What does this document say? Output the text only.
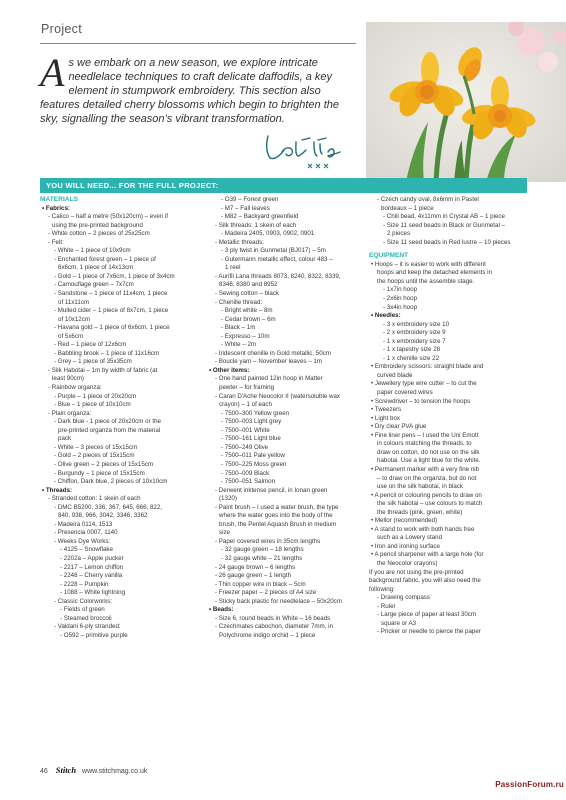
Project
As we embark on a new season, we explore intricate needlelace techniques to craft delicate daffodils, a key element in stumpwork embroidery. This section also features detailed cherry blossoms which begin to brighten the sky, signalling the season’s vibrant transformation.
Laetitia xxx
YOU WILL NEED... FOR THE FULL PROJECT:
MATERIALS
• Fabrics:
- Calico – half a metre (50x120cm) – even if
using the pre-printed background
- White cotton – 2 pieces of 25x25cm
- Felt:
- White – 1 piece of 10x9cm
- Enchanted forest green – 1 piece of
6x6cm, 1 piece of 14x13cm
- Gold – 1 piece of 7x6cm, 1 piece of 3x4cm
- Camouflage green – 7x7cm
- Sandstone – 1 piece of 11x4cm, 1 piece
of 11x11cm
- Mulled cider – 1 piece of 8x7cm, 1 piece
of 10x12cm
- Havana gold – 1 piece of 6x6cm, 1 piece
of 5x6cm
- Red – 1 piece of 12x6cm
- Babbling brook – 1 piece of 11x16cm
- Grey – 1 piece of 35x35cm
- Silk Habotai – 1m by width of fabric (at
least 90cm)
- Rainbow organza:
- Purple – 1 piece of 20x20cm
- Blue – 1 piece of 10x10cm
- Plain organza:
- Dark blue - 1 piece of 20x20cm or the
pre-printed organza from the material
pack
- White – 3 pieces of 15x15cm
- Gold – 2 pieces of 15x15cm
- Olive green – 2 pieces of 15x15cm
- Burgundy – 1 piece of 15x15cm
- Chiffon, Dark blue, 2 pieces of 10x10cm
• Threads:
- Stranded cotton: 1 skein of each
- DMC B5200, 336, 367, 645, 666, 822,
840, 938, 966, 3042, 3346, 3362
- Madeira 0114, 1513
- Presencia 0007, 1140
- Weeks Dye Works:
- 4125 – Snowflake
- 2202a – Apple pucker
- 2217 – Lemon chiffon
- 2248 – Cherry vanilla
- 2228 – Pumpkin
- 1088 – White lightning
- Classic Colorworks:
- Fields of green
- Steamed broccoli
- Valdani 6-ply stranded:
- O592 – primitive purple
- O39 – Forest green
- M7 – Fall leaves
- M82 – Backyard greenfield
- Silk threads: 1 skein of each
- Madeira 2405, 0903, 0902, 0901
- Metallic threads:
- 3 ply twist in Gunmetal (BJ017) – 5m
- Gutermann metallic effect, colour 483 –
1 reel
- Aurifil Lana threads 8073, 8240, 8322, 8339,
8346, 8380 and 8952
- Sewing cotton – black
- Chenille thread:
- Bright white – 8m
- Cedar brown – 6m
- Black – 1m
- Expresso – 10m
- White – 2m
- Iridescent chenille in Gold metallic, 50cm
- Boucle yarn – November leaves – 1m
• Other items:
- One hand painted 12in hoop in Matter
pewter – for framing
- Caran D'Ache Neocolor II (watersoluble wax
crayon) – 1 of each
- 7500–300 Yellow green
- 7500–003 Light grey
- 7500–001 White
- 7500–161 Light blue
- 7500–249 Olive
- 7500–011 Pale yellow
- 7500–225 Moss green
- 7500–009 Black
- 7500–051 Salmon
- Derwent inktense pencil, in Ionan green
(1320)
- Paint brush – I used a water brush, the type
where the water goes into the body of the
brush, the Pentel Aquash Brush in medium
size
- Paper covered wires in 35cm lengths
- 32 gauge green – 18 lengths
- 32 gauge white – 21 lengths
- 24 gauge brown – 6 lengths
- 26 gauge green – 1 length
- Thin copper wire in black – 5cm
- Freezer paper – 2 pieces of A4 size
- Sticky back plastic for needlelace – 50x20cm
• Beads:
- Size 6, round beads in White – 16 beads
- Czechmates cabochon, diameter 7mm, in
Polychrome indigo orchid – 1 piece
- Czech candy oval, 8x6mm in Pastel
bordeaux – 1 piece
- Chili bead, 4x11mm in Crystal AB – 1 piece
- Size 11 seed beads in Black or Gunmetal –
2 pieces
- Size 11 seed beads in Red lustre – 10 pieces
EQUIPMENT
• Hoops – it is easier to work with different
hoops and keep the detached elements in
the hoops until the assemble stage.
- 1x7in hoop
- 2x6in hoop
- 3x4in hoop
• Needles:
- 3 x embroidery size 10
- 2 x embroidery size 9
- 1 x embroidery size 7
- 1 x tapestry size 28
- 1 x chenille size 22
• Embroidery scissors: straight blade and
curved blade
• Jewellery type wire cutter – to cut the
paper covered wires
• Screwdriver – to tension the hoops
• Tweezers
• Light box
• Dry clear PVA glue
• Fine liner pens – I used the Uni Emott
in colours matching the threads, to
draw on cotton, do not use on the silk
habotai. Use a light blue for the white.
• Permanent marker with a very fine nib
– to draw on the organza, but do not
use on the silk habotai, in black
• A pencil or colouring pencils to draw on
the silk habotai – use colours to match
the threads (pink, green, white)
• Mellor (recommended)
• A stand to work with both hands free
such as a Lowery stand
• Iron and ironing surface
• A pencil sharpener with a large hole (for
the Neocolor crayons)
If you are not using the pre-printed
background fabric, you will also need the
following:
- Drawing compass
- Ruler
- Large piece of paper at least 30cm
square or A3
- Pricker or needle to pierce the paper
46 Stitch www.stitchmag.co.uk
PassionForum.ru
